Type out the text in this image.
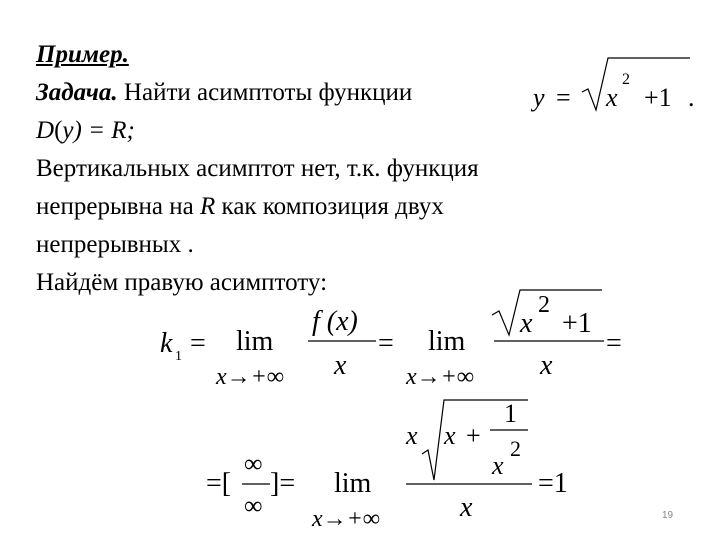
Пример.
Задача. Найти асимптоты функции
D(y) = R;
Вертикальных асимптот нет, т.к. функция
непрерывна на R как композиция двух
непрерывных .
Найдём правую асимптоту:
y = x
2
+1 .
k 1 = lim
x→+∞
f (x)
x
= lim
x→+∞
x
2
+1
x
=
=[
∞
∞
]= lim
x→+∞
x x +
1
x
2
x
=1
19
